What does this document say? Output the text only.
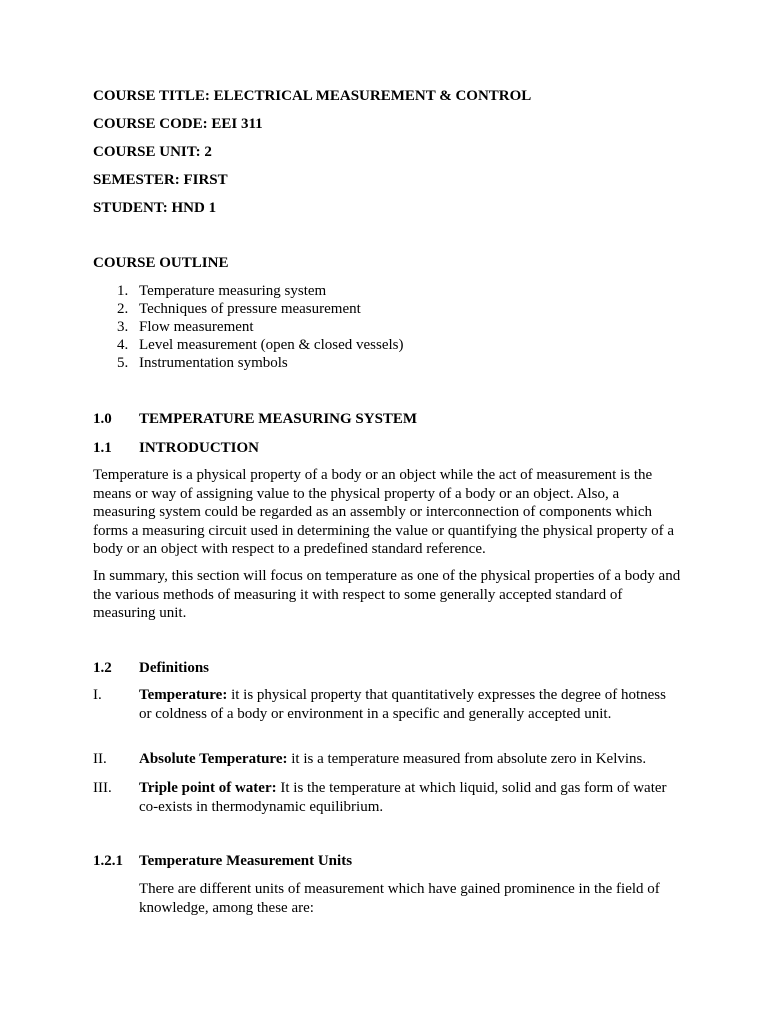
COURSE TITLE: ELECTRICAL MEASUREMENT & CONTROL
COURSE CODE: EEI 311
COURSE UNIT: 2
SEMESTER: FIRST
STUDENT: HND 1
COURSE OUTLINE
1. Temperature measuring system
2. Techniques of pressure measurement
3. Flow measurement
4. Level measurement (open & closed vessels)
5. Instrumentation symbols
1.0 TEMPERATURE MEASURING SYSTEM
1.1 INTRODUCTION
Temperature is a physical property of a body or an object while the act of measurement is the means or way of assigning value to the physical property of a body or an object. Also, a measuring system could be regarded as an assembly or interconnection of components which forms a measuring circuit used in determining the value or quantifying the physical property of a body or an object with respect to a predefined standard reference.
In summary, this section will focus on temperature as one of the physical properties of a body and the various methods of measuring it with respect to some generally accepted standard of measuring unit.
1.2 Definitions
I. Temperature: it is physical property that quantitatively expresses the degree of hotness or coldness of a body or environment in a specific and generally accepted unit.
II. Absolute Temperature: it is a temperature measured from absolute zero in Kelvins.
III. Triple point of water: It is the temperature at which liquid, solid and gas form of water co-exists in thermodynamic equilibrium.
1.2.1 Temperature Measurement Units
There are different units of measurement which have gained prominence in the field of knowledge, among these are:
